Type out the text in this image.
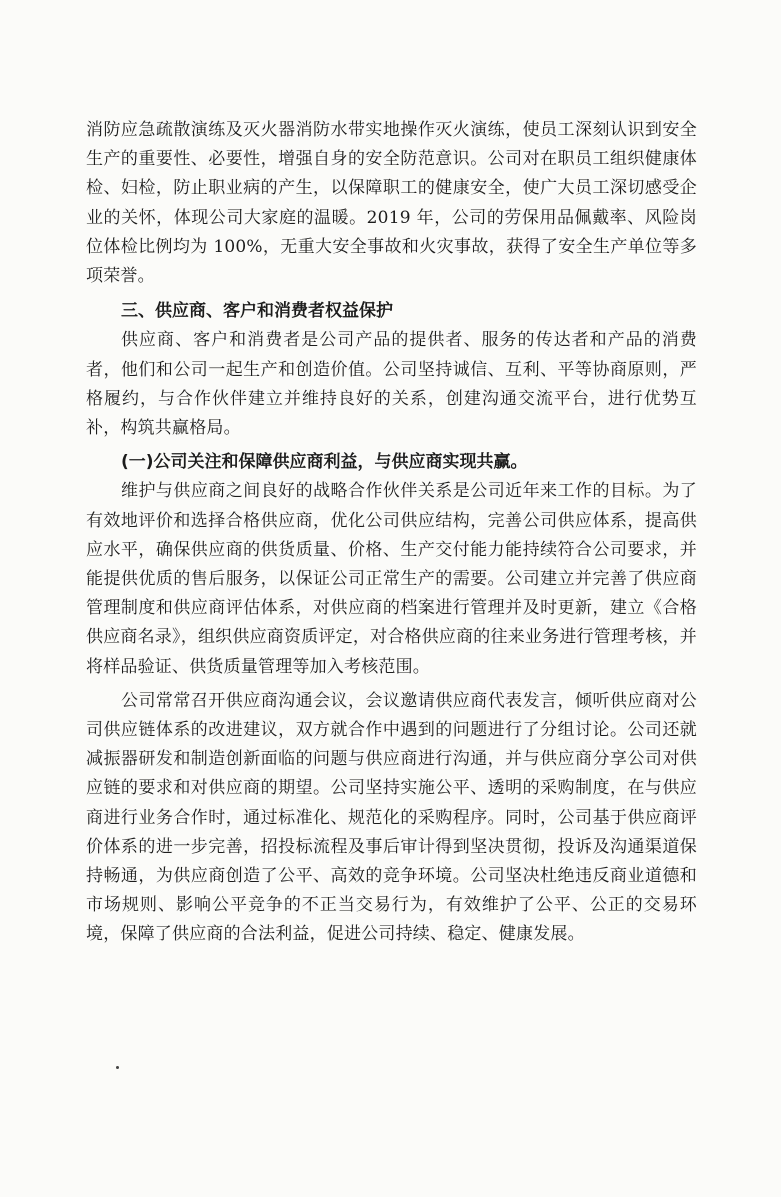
消防应急疏散演练及灭火器消防水带实地操作灭火演练，使员工深刻认识到安全生产的重要性、必要性，增强自身的安全防范意识。公司对在职员工组织健康体检、妇检，防止职业病的产生，以保障职工的健康安全，使广大员工深切感受企业的关怀，体现公司大家庭的温暖。2019 年，公司的劳保用品佩戴率、风险岗位体检比例均为 100%，无重大安全事故和火灾事故，获得了安全生产单位等多项荣誉。

三、供应商、客户和消费者权益保护

供应商、客户和消费者是公司产品的提供者、服务的传达者和产品的消费者，他们和公司一起生产和创造价值。公司坚持诚信、互利、平等协商原则，严格履约，与合作伙伴建立并维持良好的关系，创建沟通交流平台，进行优势互补，构筑共赢格局。

(一)公司关注和保障供应商利益，与供应商实现共赢。

维护与供应商之间良好的战略合作伙伴关系是公司近年来工作的目标。为了有效地评价和选择合格供应商，优化公司供应结构，完善公司供应体系，提高供应水平，确保供应商的供货质量、价格、生产交付能力能持续符合公司要求，并能提供优质的售后服务，以保证公司正常生产的需要。公司建立并完善了供应商管理制度和供应商评估体系，对供应商的档案进行管理并及时更新，建立《合格供应商名录》，组织供应商资质评定，对合格供应商的往来业务进行管理考核，并将样品验证、供货质量管理等加入考核范围。

公司常常召开供应商沟通会议，会议邀请供应商代表发言，倾听供应商对公司供应链体系的改进建议，双方就合作中遇到的问题进行了分组讨论。公司还就减振器研发和制造创新面临的问题与供应商进行沟通，并与供应商分享公司对供应链的要求和对供应商的期望。公司坚持实施公平、透明的采购制度，在与供应商进行业务合作时，通过标准化、规范化的采购程序。同时，公司基于供应商评价体系的进一步完善，招投标流程及事后审计得到坚决贯彻，投诉及沟通渠道保持畅通，为供应商创造了公平、高效的竞争环境。公司坚决杜绝违反商业道德和市场规则、影响公平竞争的不正当交易行为，有效维护了公平、公正的交易环境，保障了供应商的合法利益，促进公司持续、稳定、健康发展。
